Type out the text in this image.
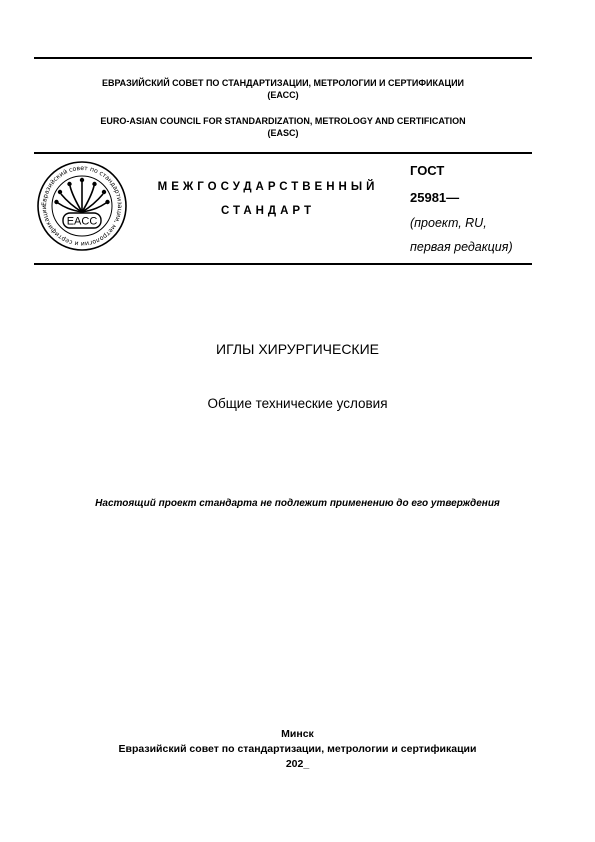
ЕВРАЗИЙСКИЙ СОВЕТ ПО СТАНДАРТИЗАЦИИ, МЕТРОЛОГИИ И СЕРТИФИКАЦИИ
(ЕАСС)
EURO-ASIAN COUNCIL FOR STANDARDIZATION, METROLOGY AND CERTIFICATION
(EASC)
Евразийский совет по стандартизации, метрологии и сертификации
EACC
МЕЖГОСУДАРСТВЕННЫЙ
СТАНДАРТ
ГОСТ
25981—
(проект, RU,
первая редакция)
ИГЛЫ ХИРУРГИЧЕСКИЕ
Общие технические условия
Настоящий проект стандарта не подлежит применению до его утверждения
Минск
Евразийский совет по стандартизации, метрологии и сертификации
202_
